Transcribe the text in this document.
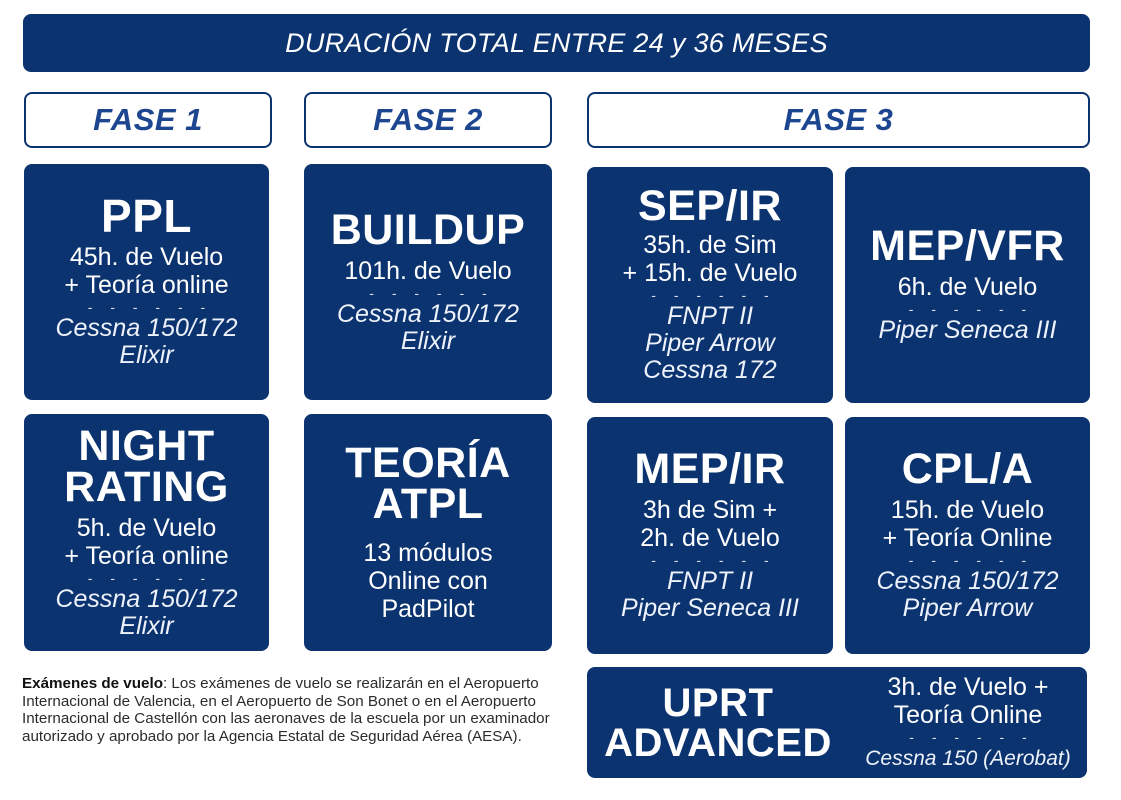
DURACIÓN TOTAL ENTRE 24 y 36 MESES
FASE 1	FASE 2	FASE 3
PPL
45h. de Vuelo
+ Teoría online
- - - - - -
Cessna 150/172
Elixir
BUILDUP
101h. de Vuelo
- - - - - -
Cessna 150/172
Elixir
SEP/IR
35h. de Sim
+ 15h. de Vuelo
- - - - - -
FNPT II
Piper Arrow
Cessna 172
MEP/VFR
6h. de Vuelo
- - - - - -
Piper Seneca III
NIGHT
RATING
5h. de Vuelo
+ Teoría online
- - - - - -
Cessna 150/172
Elixir
TEORÍA
ATPL
13 módulos
Online con
PadPilot
MEP/IR
3h de Sim +
2h. de Vuelo
- - - - - -
FNPT II
Piper Seneca III
CPL/A
15h. de Vuelo
+ Teoría Online
- - - - - -
Cessna 150/172
Piper Arrow
Exámenes de vuelo: Los exámenes de vuelo se realizarán en el Aeropuerto Internacional de Valencia, en el Aeropuerto de Son Bonet o en el Aeropuerto Internacional de Castellón con las aeronaves de la escuela por un examinador autorizado y aprobado por la Agencia Estatal de Seguridad Aérea (AESA).
UPRT
ADVANCED
3h. de Vuelo +
Teoría Online
- - - - - -
Cessna 150 (Aerobat)
